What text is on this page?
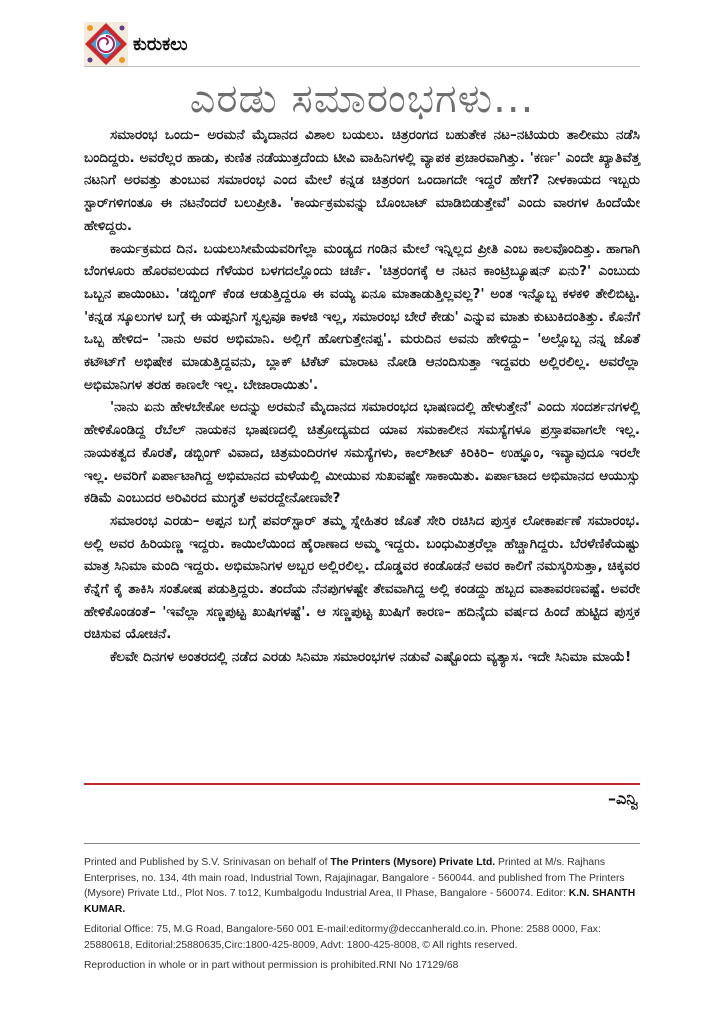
ಕುರುಕಲು
ಎರಡು ಸಮಾರಂಭಗಳು...

ಸಮಾರಂಭ ಒಂದು– ಅರಮನೆ ಮೈದಾನದ ವಿಶಾಲ ಬಯಲು. ಚಿತ್ರರಂಗದ ಬಹುತೇಕ ನಟ–ನಟಿಯರು ತಾಲೀಮು ನಡೆಸಿ ಬಂದಿದ್ದರು. ಅವರೆಲ್ಲರ ಹಾಡು, ಕುಣಿತ ನಡೆಯುತ್ತದೆಂದು ಟೀವಿ ವಾಹಿನಿಗಳಲ್ಲಿ ವ್ಯಾಪಕ ಪ್ರಚಾರವಾಗಿತ್ತು. 'ಕರ್ಣ' ಎಂದೇ ಖ್ಯಾತಿವೆತ್ತ ನಟನಿಗೆ ಅರವತ್ತು ತುಂಬುವ ಸಮಾರಂಭ ಎಂದ ಮೇಲೆ ಕನ್ನಡ ಚಿತ್ರರಂಗ ಒಂದಾಗದೇ ಇದ್ದರೆ ಹೇಗೆ? ನೀಳಕಾಯದ ಇಬ್ಬರು ಸ್ಟಾರ್‌ಗಳಿಗಂತೂ ಈ ನಟನೆಂದರೆ ಬಲುಪ್ರೀತಿ. 'ಕಾರ್ಯಕ್ರಮವನ್ನು ಬೊಂಬಾಟ್ ಮಾಡಿಬಿಡುತ್ತೇವೆ' ಎಂದು ವಾರಗಳ ಹಿಂದೆಯೇ ಹೇಳಿದ್ದರು.

ಕಾರ್ಯಕ್ರಮದ ದಿನ. ಬಯಲುಸೀಮೆಯವರಿಗೆಲ್ಲಾ ಮಂಡ್ಯದ ಗಂಡಿನ ಮೇಲೆ ಇನ್ನಿಲ್ಲದ ಪ್ರೀತಿ ಎಂಬ ಕಾಲವೊಂದಿತ್ತು. ಹಾಗಾಗಿ ಬೆಂಗಳೂರು ಹೊರವಲಯದ ಗೆಳೆಯರ ಬಳಗದಲ್ಲೊಂದು ಚರ್ಚೆ. 'ಚಿತ್ರರಂಗಕ್ಕೆ ಆ ನಟನ ಕಾಂಟ್ರಿಬ್ಯೂಷನ್ ಏನು?' ಎಂಬುದು ಒಬ್ಬನ ಪಾಯಿಂಟು. 'ಡಬ್ಬಿಂಗ್ ಕೆಂಡ ಆಡುತ್ತಿದ್ದರೂ ಈ ವಯ್ಯ ಏನೂ ಮಾತಾಡುತ್ತಿಲ್ಲವಲ್ಲ?' ಅಂತ ಇನ್ನೊಬ್ಬ ಕಳಕಳಿ ತೇಲಿಬಿಟ್ಟ. 'ಕನ್ನಡ ಸ್ಕೂಲುಗಳ ಬಗ್ಗೆ ಈ ಯಪ್ಪನಿಗೆ ಸ್ವಲ್ಪವೂ ಕಾಳಜಿ ಇಲ್ಲ, ಸಮಾರಂಭ ಬೇರೆ ಕೇಡು' ಎನ್ನುವ ಮಾತು ಕುಟುಕಿದಂತಿತ್ತು. ಕೊನೆಗೆ ಒಬ್ಬ ಹೇಳಿದ– 'ನಾನು ಅವರ ಅಭಿಮಾನಿ. ಅಲ್ಲಿಗೆ ಹೋಗುತ್ತೇನಪ್ಪ'. ಮರುದಿನ ಅವನು ಹೇಳಿದ್ದು– 'ಅಲ್ಲೊಬ್ಬ ನನ್ನ ಜೊತೆ ಕಟೌಟ್‌ಗೆ ಅಭಿಷೇಕ ಮಾಡುತ್ತಿದ್ದವನು, ಬ್ಲಾಕ್ ಟಿಕೆಟ್ ಮಾರಾಟ ನೋಡಿ ಆನಂದಿಸುತ್ತಾ ಇದ್ದವರು ಅಲ್ಲಿರಲಿಲ್ಲ. ಅವರೆಲ್ಲಾ ಅಭಿಮಾನಿಗಳ ತರಹ ಕಾಣಲೇ ಇಲ್ಲ. ಬೇಜಾರಾಯಿತು'.

'ನಾನು ಏನು ಹೇಳಬೇಕೋ ಅದನ್ನು ಅರಮನೆ ಮೈದಾನದ ಸಮಾರಂಭದ ಭಾಷಣದಲ್ಲಿ ಹೇಳುತ್ತೇನೆ' ಎಂದು ಸಂದರ್ಶನಗಳಲ್ಲಿ ಹೇಳಿಕೊಂಡಿದ್ದ ರೆಬೆಲ್ ನಾಯಕನ ಭಾಷಣದಲ್ಲಿ ಚಿತ್ರೋದ್ಯಮದ ಯಾವ ಸಮಕಾಲೀನ ಸಮಸ್ಯೆಗಳೂ ಪ್ರಸ್ತಾಪವಾಗಲೇ ಇಲ್ಲ. ನಾಯಕತ್ವದ ಕೊರತೆ, ಡಬ್ಬಿಂಗ್ ವಿವಾದ, ಚಿತ್ರಮಂದಿರಗಳ ಸಮಸ್ಯೆಗಳು, ಕಾಲ್‌ಶೀಟ್ ಕಿರಿಕಿರಿ– ಉಹ್ಞೂಂ, ಇವ್ಯಾವುದೂ ಇರಲೇ ಇಲ್ಲ. ಅವರಿಗೆ ಏರ್ಪಾಟಾಗಿದ್ದ ಅಭಿಮಾನದ ಮಳೆಯಲ್ಲಿ ಮೀಯುವ ಸುಖವಷ್ಟೇ ಸಾಕಾಯಿತು. ಏರ್ಪಾಟಾದ ಅಭಿಮಾನದ ಆಯುಸ್ಸು ಕಡಿಮೆ ಎಂಬುದರ ಅರಿವಿರದ ಮುಗ್ಧತೆ ಅವರದ್ದೇನೋಣವೇ?

ಸಮಾರಂಭ ಎರಡು– ಅಪ್ಪನ ಬಗ್ಗೆ ಪವರ್‌ಸ್ಟಾರ್ ತಮ್ಮ ಸ್ನೇಹಿತರ ಜೊತೆ ಸೇರಿ ರಚಿಸಿದ ಪುಸ್ತಕ ಲೋಕಾರ್ಪಣೆ ಸಮಾರಂಭ. ಅಲ್ಲಿ ಅವರ ಹಿರಿಯಣ್ಣ ಇದ್ದರು. ಕಾಯಿಲೆಯಿಂದ ಹೈರಾಣಾದ ಅಮ್ಮ ಇದ್ದರು. ಬಂಧುಮಿತ್ರರೆಲ್ಲಾ ಹೆಚ್ಚಾಗಿದ್ದರು. ಬೆರಳೆಣಿಕೆಯಷ್ಟು ಮಾತ್ರ ಸಿನಿಮಾ ಮಂದಿ ಇದ್ದರು. ಅಭಿಮಾನಿಗಳ ಅಬ್ಬರ ಅಲ್ಲಿರಲಿಲ್ಲ. ದೊಡ್ಡವರ ಕಂಡೊಡನೆ ಅವರ ಕಾಲಿಗೆ ನಮಸ್ಕರಿಸುತ್ತಾ, ಚಿಕ್ಕವರ ಕೆನ್ನೆಗೆ ಕೈ ತಾಕಿಸಿ ಸಂತೋಷ ಪಡುತ್ತಿದ್ದರು. ತಂದೆಯ ನೆನಪುಗಳಷ್ಟೇ ತೇವವಾಗಿದ್ದ ಅಲ್ಲಿ ಕಂಡದ್ದು ಹಬ್ಬದ ವಾತಾವರಣವಷ್ಟೆ. ಅವರೇ ಹೇಳಿಕೊಂಡಂತೆ– 'ಇವೆಲ್ಲಾ ಸಣ್ಣಪುಟ್ಟ ಖುಷಿಗಳಷ್ಟೆ'. ಆ ಸಣ್ಣಪುಟ್ಟ ಖುಷಿಗೆ ಕಾರಣ– ಹದಿನೈದು ವರ್ಷದ ಹಿಂದೆ ಹುಟ್ಟಿದ ಪುಸ್ತಕ ರಚಿಸುವ ಯೋಚನೆ.

ಕೆಲವೇ ದಿನಗಳ ಅಂತರದಲ್ಲಿ ನಡೆದ ಎರಡು ಸಿನಿಮಾ ಸಮಾರಂಭಗಳ ನಡುವೆ ಎಷ್ಟೊಂದು ವ್ಯತ್ಯಾಸ. ಇದೇ ಸಿನಿಮಾ ಮಾಯೆ!

–ಎನ್ವಿ

Printed and Published by S.V. Srinivasan on behalf of The Printers (Mysore) Private Ltd. Printed at M/s. Rajhans Enterprises, no. 134, 4th main road, Industrial Town, Rajajinagar, Bangalore - 560044. and published from The Printers (Mysore) Private Ltd., Plot Nos. 7 to12, Kumbalgodu Industrial Area, II Phase, Bangalore - 560074. Editor: K.N. SHANTH KUMAR.

Editorial Office: 75, M.G Road, Bangalore-560 001 E-mail:editormy@deccanherald.co.in. Phone: 2588 0000, Fax: 25880618, Editorial:25880635,Circ:1800-425-8009, Advt: 1800-425-8008, © All rights reserved.

Reproduction in whole or in part without permission is prohibited.RNI No 17129/68
